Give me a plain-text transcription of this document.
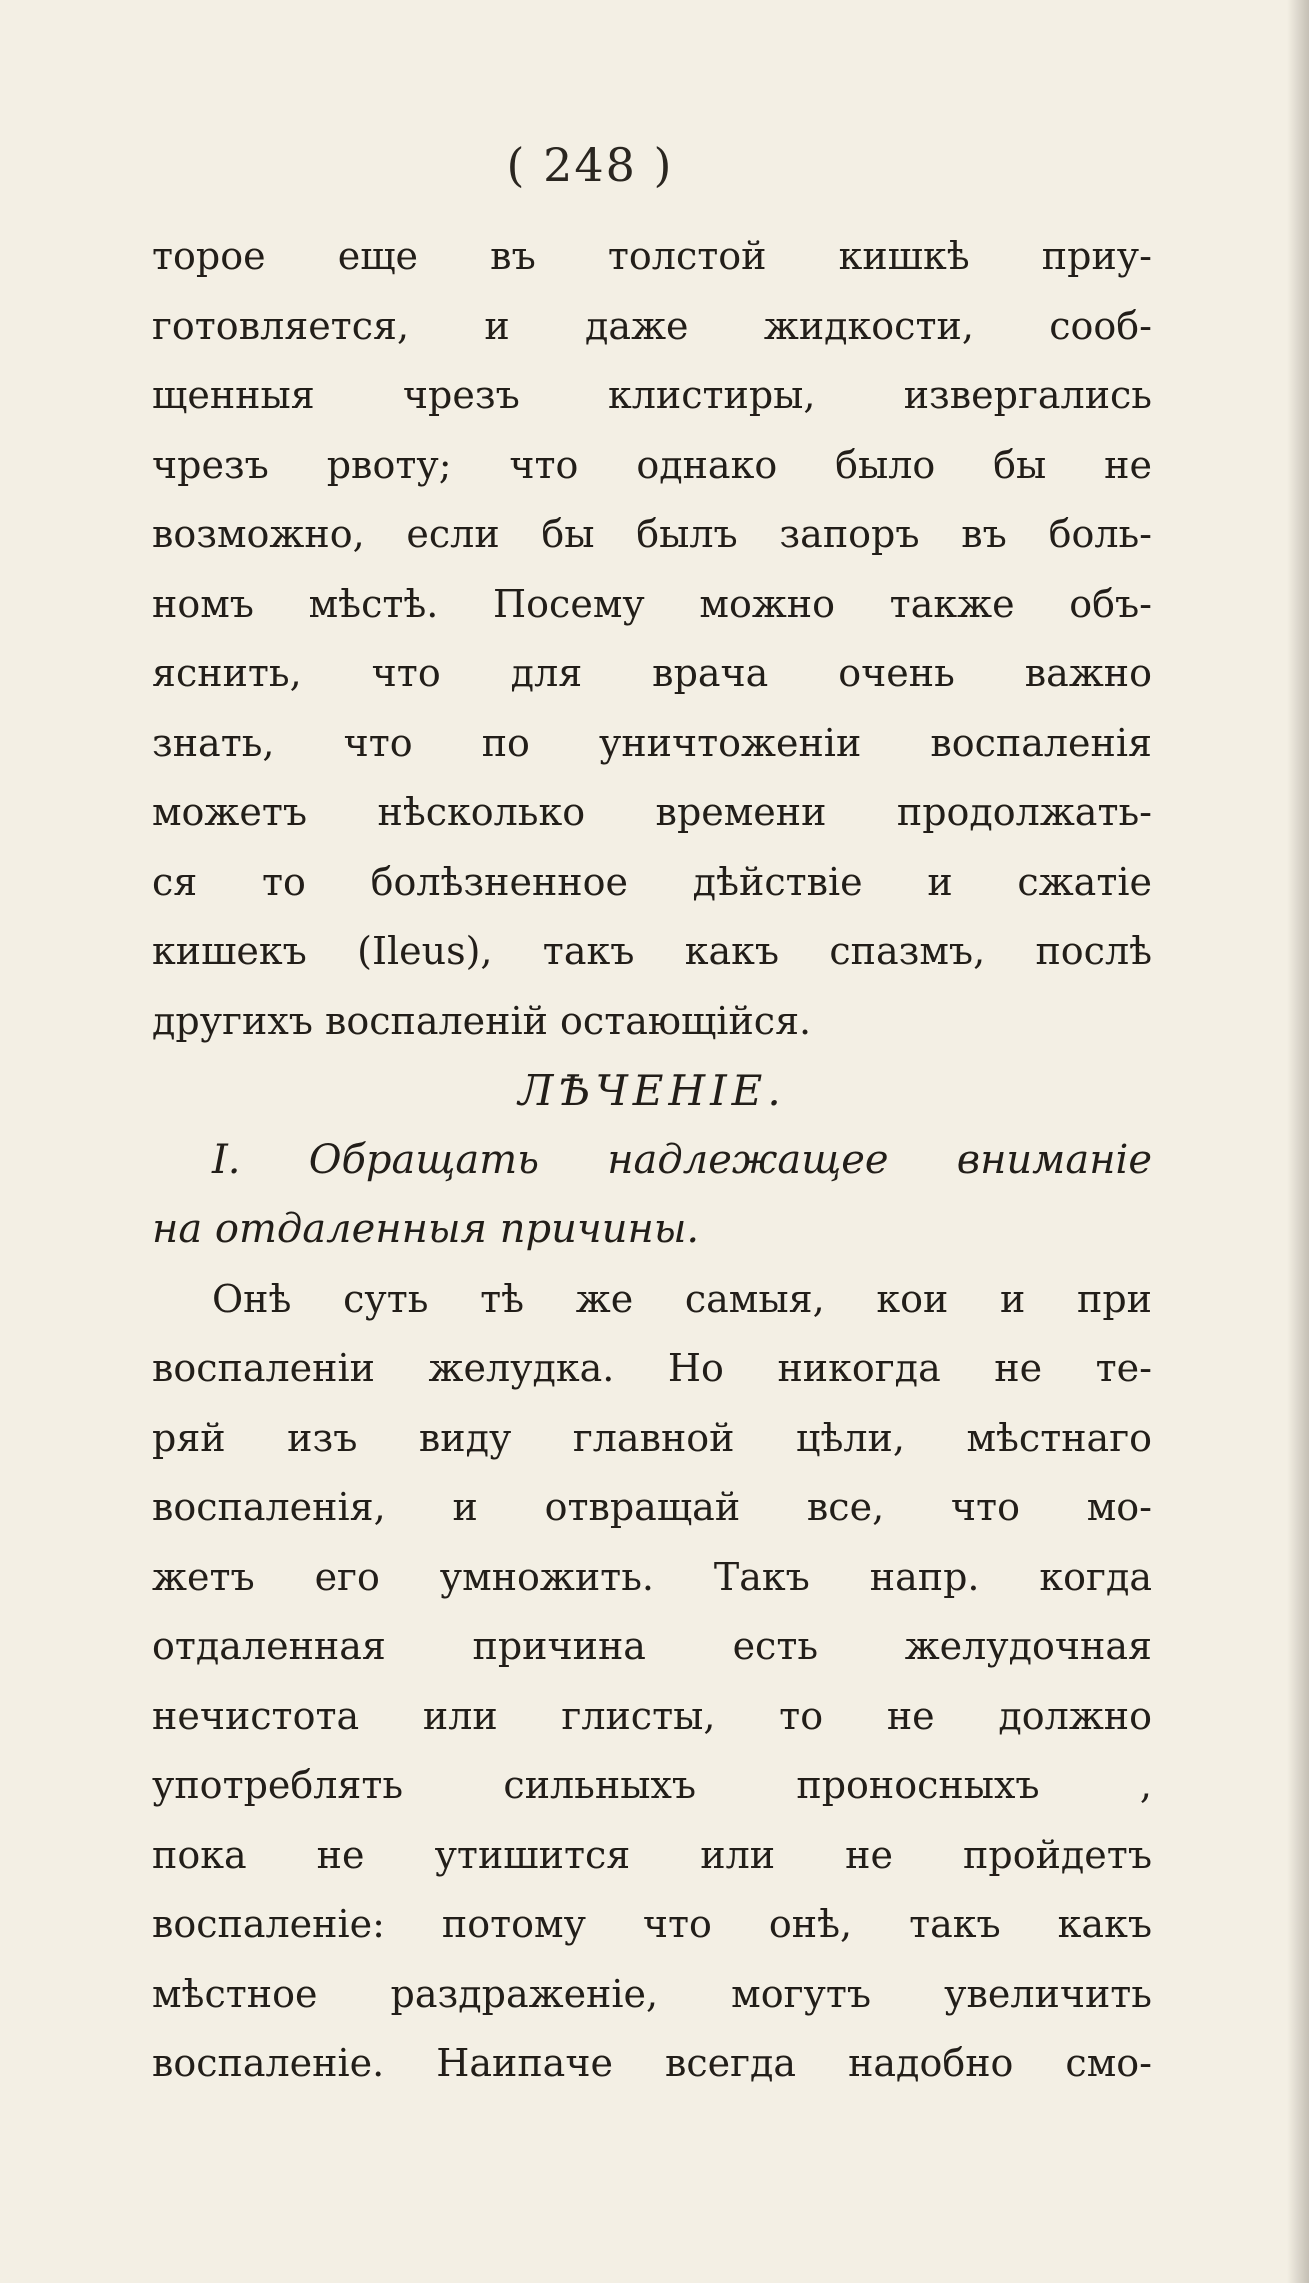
( 248 )
торое еще въ толстой кишкѣ приу-
готовляется, и даже жидкости, сооб-
щенныя чрезъ клистиры, извергались
чрезъ рвоту; что однако было бы не
возможно, если бы былъ запоръ въ боль-
номъ мѣстѣ. Посему можно также объ-
яснить, что для врача очень важно
знать, что по уничтоженіи воспаленія
можетъ нѣсколько времени продолжать-
ся то болѣзненное дѣйствіе и сжатіе
кишекъ (Ileus), такъ какъ спазмъ, послѣ
другихъ воспаленій остающійся.
ЛѢЧЕНІЕ.
I. Обращать надлежащее вниманіе
на отдаленныя причины.
Онѣ суть тѣ же самыя, кои и при
воспаленіи желудка. Но никогда не те-
ряй изъ виду главной цѣли, мѣстнаго
воспаленія, и отвращай все, что мо-
жетъ его умножить. Такъ напр. когда
отдаленная причина есть желудочная
нечистота или глисты, то не должно
употреблять сильныхъ проносныхъ ,
пока не утишится или не пройдетъ
воспаленіе: потому что онѣ, такъ какъ
мѣстное раздраженіе, могутъ увеличить
воспаленіе. Наипаче всегда надобно смо-
